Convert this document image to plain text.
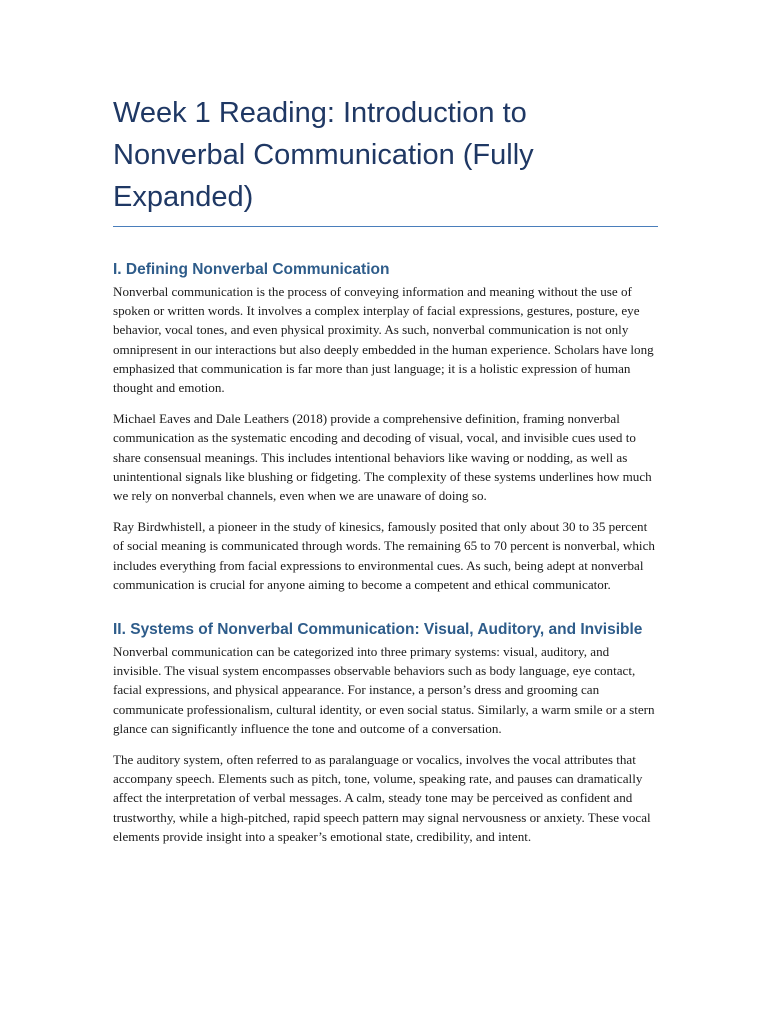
Week 1 Reading: Introduction to Nonverbal Communication (Fully Expanded)
I. Defining Nonverbal Communication

Nonverbal communication is the process of conveying information and meaning without the use of spoken or written words. It involves a complex interplay of facial expressions, gestures, posture, eye behavior, vocal tones, and even physical proximity. As such, nonverbal communication is not only omnipresent in our interactions but also deeply embedded in the human experience. Scholars have long emphasized that communication is far more than just language; it is a holistic expression of human thought and emotion.

Michael Eaves and Dale Leathers (2018) provide a comprehensive definition, framing nonverbal communication as the systematic encoding and decoding of visual, vocal, and invisible cues used to share consensual meanings. This includes intentional behaviors like waving or nodding, as well as unintentional signals like blushing or fidgeting. The complexity of these systems underlines how much we rely on nonverbal channels, even when we are unaware of doing so.

Ray Birdwhistell, a pioneer in the study of kinesics, famously posited that only about 30 to 35 percent of social meaning is communicated through words. The remaining 65 to 70 percent is nonverbal, which includes everything from facial expressions to environmental cues. As such, being adept at nonverbal communication is crucial for anyone aiming to become a competent and ethical communicator.

II. Systems of Nonverbal Communication: Visual, Auditory, and Invisible

Nonverbal communication can be categorized into three primary systems: visual, auditory, and invisible. The visual system encompasses observable behaviors such as body language, eye contact, facial expressions, and physical appearance. For instance, a person’s dress and grooming can communicate professionalism, cultural identity, or even social status. Similarly, a warm smile or a stern glance can significantly influence the tone and outcome of a conversation.

The auditory system, often referred to as paralanguage or vocalics, involves the vocal attributes that accompany speech. Elements such as pitch, tone, volume, speaking rate, and pauses can dramatically affect the interpretation of verbal messages. A calm, steady tone may be perceived as confident and trustworthy, while a high-pitched, rapid speech pattern may signal nervousness or anxiety. These vocal elements provide insight into a speaker’s emotional state, credibility, and intent.
